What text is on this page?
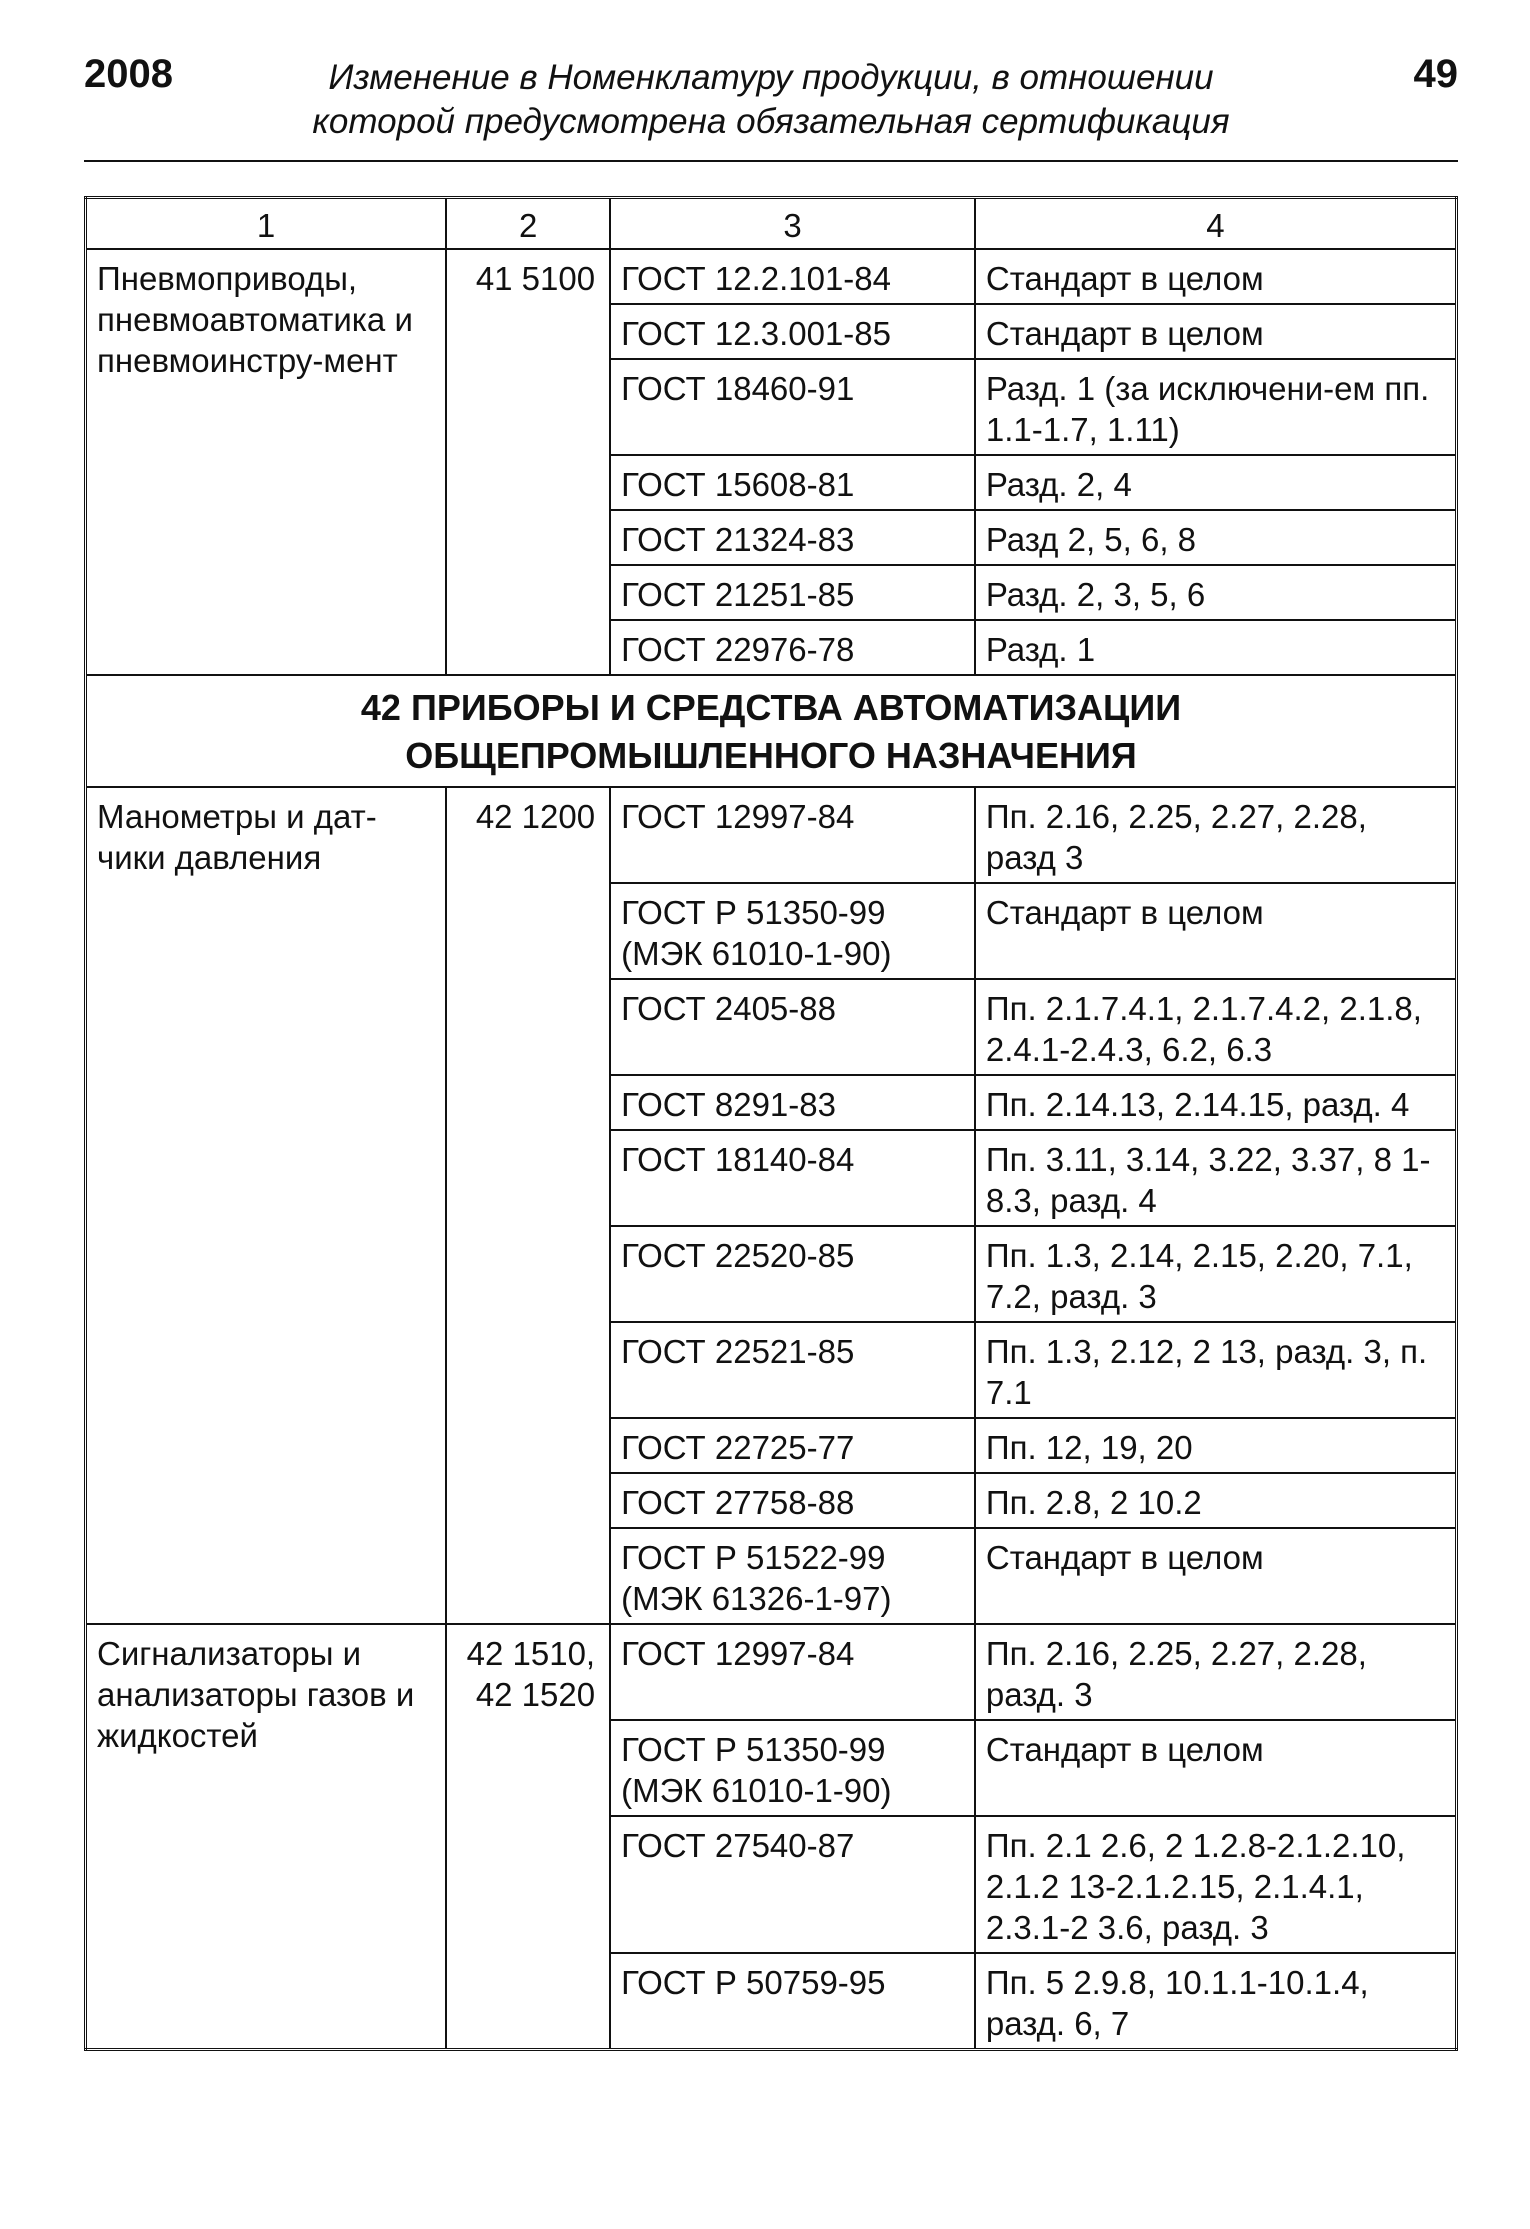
2008	Изменение в Номенклатуру продукции, в отношении
которой предусмотрена обязательная сертификация
49
1	2	3	4
Пневмоприводы, пневмоавтоматика и пневмоинстру-мент	41 5100	ГОСТ 12.2.101-84	Стандарт в целом
		ГОСТ 12.3.001-85	Стандарт в целом
		ГОСТ 18460-91	Разд. 1 (за исключени-ем пп. 1.1-1.7, 1.11)
		ГОСТ 15608-81	Разд. 2, 4
		ГОСТ 21324-83	Разд 2, 5, 6, 8
		ГОСТ 21251-85	Разд. 2, 3, 5, 6
		ГОСТ 22976-78	Разд. 1

42 ПРИБОРЫ И СРЕДСТВА АВТОМАТИЗАЦИИ
ОБЩЕПРОМЫШЛЕННОГО НАЗНАЧЕНИЯ			

Манометры и дат-чики давления	42 1200	ГОСТ 12997-84	Пп. 2.16, 2.25, 2.27, 2.28, разд 3
		ГОСТ Р 51350-99 (МЭК 61010-1-90)	Стандарт в целом
		ГОСТ 2405-88	Пп. 2.1.7.4.1, 2.1.7.4.2, 2.1.8, 2.4.1-2.4.3, 6.2, 6.3
		ГОСТ 8291-83	Пп. 2.14.13, 2.14.15, разд. 4
		ГОСТ 18140-84	Пп. 3.11, 3.14, 3.22, 3.37, 8 1-8.3, разд. 4
		ГОСТ 22520-85	Пп. 1.3, 2.14, 2.15, 2.20, 7.1, 7.2, разд. 3
		ГОСТ 22521-85	Пп. 1.3, 2.12, 2 13, разд. 3, п. 7.1
		ГОСТ 22725-77	Пп. 12, 19, 20
		ГОСТ 27758-88	Пп. 2.8, 2 10.2
		ГОСТ Р 51522-99 (МЭК 61326-1-97)	Стандарт в целом
Сигнализаторы и анализаторы газов и жидкостей	42 1510, 42 1520	ГОСТ 12997-84	Пп. 2.16, 2.25, 2.27, 2.28, разд. 3
		ГОСТ Р 51350-99 (МЭК 61010-1-90)	Стандарт в целом
		ГОСТ 27540-87	Пп. 2.1 2.6, 2 1.2.8-2.1.2.10, 2.1.2 13-2.1.2.15, 2.1.4.1, 2.3.1-2 3.6, разд. 3
		ГОСТ Р 50759-95	Пп. 5 2.9.8, 10.1.1-10.1.4, разд. 6, 7
